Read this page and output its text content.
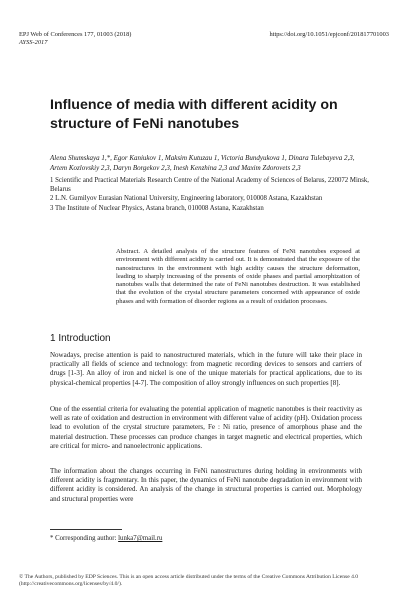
EPJ Web of Conferences 177, 01003 (2018)
AYSS-2017
https://doi.org/10.1051/epjconf/201817701003
Influence of media with different acidity on structure of FeNi nanotubes

Alena Shumskaya 1,*, Egor Kaniukov 1, Maksim Kutuzau 1, Victoria Bundyukova 1, Dinara Tulebayeva 2,3, Artem Kozlovskiy 2,3, Daryn Borgekov 2,3, Inesh Kenzhina 2,3 and Maxim Zdorovets 2,3

1 Scientific and Practical Materials Research Centre of the National Academy of Sciences of Belarus, 220072 Minsk, Belarus

2 L.N. Gumilyov Eurasian National University, Engineering laboratory, 010008 Astana, Kazakhstan

3 The Institute of Nuclear Physics, Astana branch, 010008 Astana, Kazakhstan

Abstract. A detailed analysis of the structure features of FeNi nanotubes exposed at environment with different acidity is carried out. It is demonstrated that the exposure of the nanostructures in the environment with high acidity causes the structure deformation, leading to sharply increasing of the presents of oxide phases and partial amorphization of nanotubes walls that determined the rate of FeNi nanotubes destruction. It was established that the evolution of the crystal structure parameters concerned with appearance of oxide phases and with formation of disorder regions as a result of oxidation processes.

1 Introduction

Nowadays, precise attention is paid to nanostructured materials, which in the future will take their place in practically all fields of science and technology: from magnetic recording devices to sensors and carriers of drugs [1-3]. An alloy of iron and nickel is one of the unique materials for practical applications, due to its physical-chemical properties [4-7]. The composition of alloy strongly influences on such properties [8].

One of the essential criteria for evaluating the potential application of magnetic nanotubes is their reactivity as well as rate of oxidation and destruction in environment with different value of acidity (pH). Oxidation process lead to evolution of the crystal structure parameters, Fe : Ni ratio, presence of amorphous phase and the material destruction. These processes can produce changes in target magnetic and electrical properties, which are critical for micro- and nanoelectronic applications.

The information about the changes occurring in FeNi nanostructures during holding in environments with different acidity is fragmentary. In this paper, the dynamics of FeNi nanotube degradation in environment with different acidity is considered. An analysis of the change in structural properties is carried out. Morphology and structural properties were

* Corresponding author: lunka7@mail.ru

© The Authors, published by EDP Sciences. This is an open access article distributed under the terms of the Creative Commons Attribution License 4.0 (http://creativecommons.org/licenses/by/4.0/).
